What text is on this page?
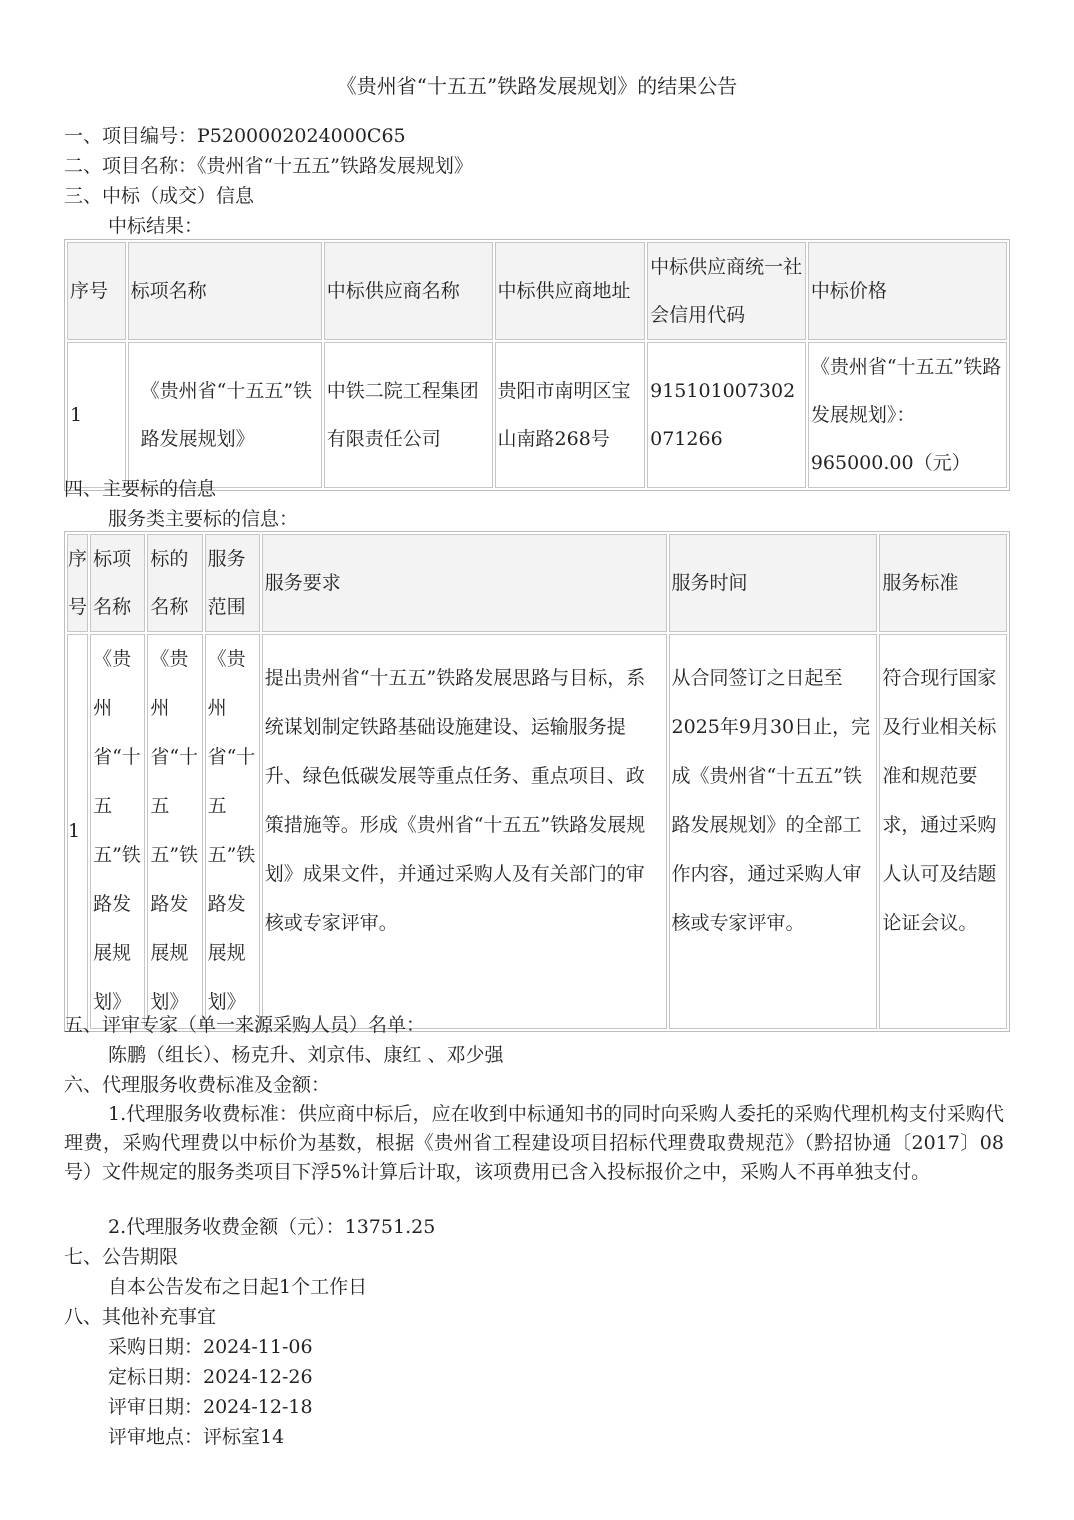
《贵州省“十五五”铁路发展规划》的结果公告
一、项目编号：P5200002024000C65
二、项目名称：《贵州省“十五五”铁路发展规划》
三、中标（成交）信息
中标结果：
序号	标项名称	中标供应商名称	中标供应商地址	中标供应商统一社会信用代码	中标价格
1	《贵州省“十五五”铁路发展规划》	中铁二院工程集团有限责任公司	贵阳市南明区宝山南路268号	915101007302071266	《贵州省“十五五”铁路发展规划》：965000.00（元）
四、主要标的信息
服务类主要标的信息：
序号	标项名称	标的名称	服务范围	服务要求	服务时间	服务标准
1	《贵州省“十五五”铁路发展规划》	《贵州省“十五五”铁路发展规划》	《贵州省“十五五”铁路发展规划》	提出贵州省“十五五”铁路发展思路与目标，系统谋划制定铁路基础设施建设、运输服务提升、绿色低碳发展等重点任务、重点项目、政策措施等。形成《贵州省“十五五”铁路发展规划》成果文件，并通过采购人及有关部门的审核或专家评审。	从合同签订之日起至2025年9月30日止，完成《贵州省“十五五”铁路发展规划》的全部工作内容，通过采购人审核或专家评审。	符合现行国家及行业相关标准和规范要求，通过采购人认可及结题论证会议。
五、评审专家（单一来源采购人员）名单：
陈鹏（组长）、杨克升、刘京伟、康红 、邓少强
六、代理服务收费标准及金额：
1.代理服务收费标准：供应商中标后，应在收到中标通知书的同时向采购人委托的采购代理机构支付采购代理费，采购代理费以中标价为基数，根据《贵州省工程建设项目招标代理费取费规范》（黔招协通〔2017〕08号）文件规定的服务类项目下浮5%计算后计取，该项费用已含入投标报价之中，采购人不再单独支付。
2.代理服务收费金额（元）：13751.25
七、公告期限
自本公告发布之日起1个工作日
八、其他补充事宜
采购日期：2024-11-06
定标日期：2024-12-26
评审日期：2024-12-18
评审地点：评标室14
